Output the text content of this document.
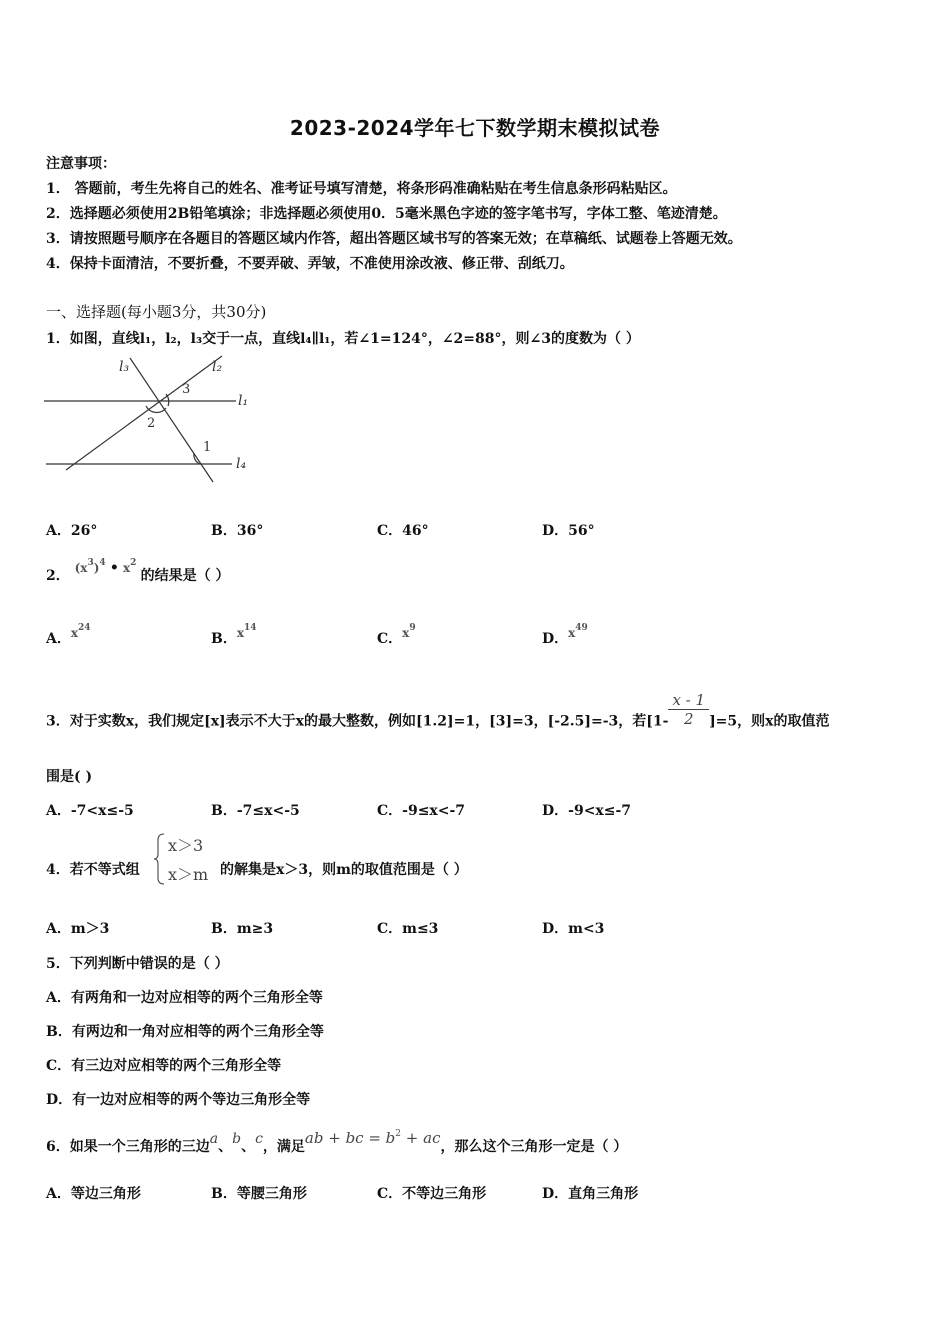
2023-2024学年七下数学期末模拟试卷
注意事项：
1． 答题前，考生先将自己的姓名、准考证号填写清楚，将条形码准确粘贴在考生信息条形码粘贴区。
2．选择题必须使用2B铅笔填涂；非选择题必须使用0．5毫米黑色字迹的签字笔书写，字体工整、笔迹清楚。
3．请按照题号顺序在各题目的答题区域内作答，超出答题区域书写的答案无效；在草稿纸、试题卷上答题无效。
4．保持卡面清洁，不要折叠，不要弄破、弄皱，不准使用涂改液、修正带、刮纸刀。
一、选择题(每小题3分，共30分)
1．如图，直线l₁，l₂，l₃交于一点，直线l₄∥l₁，若∠1=124°，∠2=88°，则∠3的度数为（ ）
l₃	l₂
l₁
l₄
3
2
1
A．26°	B．36°	C．46°	D．56°
2． $(x^3)^4$ • $x^2$ 的结果是（ ）
A．$x^{24}$
B．$x^{14}$
C．$x^9$
D．$x^{49}$
3．对于实数x，我们规定[x]表示不大于x的最大整数，例如[1.2]=1，[3]=3，[-2.5]=-3，若$[1- \frac{x - 1}{2} ]=5$，则x的取值范
围是( )
A．-7<x≤-5	B．-7≤x<-5	C．-9≤x<-7	D．-9<x≤-7
4．若不等式组
x＞3
x＞m 的解集是x＞3，则m的取值范围是（ ）
A．m＞3	B．m≥3	C．m≤3	D．m<3
5．下列判断中错误的是（ ）
A．有两角和一边对应相等的两个三角形全等
B．有两边和一角对应相等的两个三角形全等
C．有三边对应相等的两个三角形全等
D．有一边对应相等的两个等边三角形全等
6．如果一个三角形的三边a、b、c，满足ab + bc = $b^2$ + ac，那么这个三角形一定是（ ）
A．等边三角形	B．等腰三角形	C．不等边三角形	D．直角三角形
